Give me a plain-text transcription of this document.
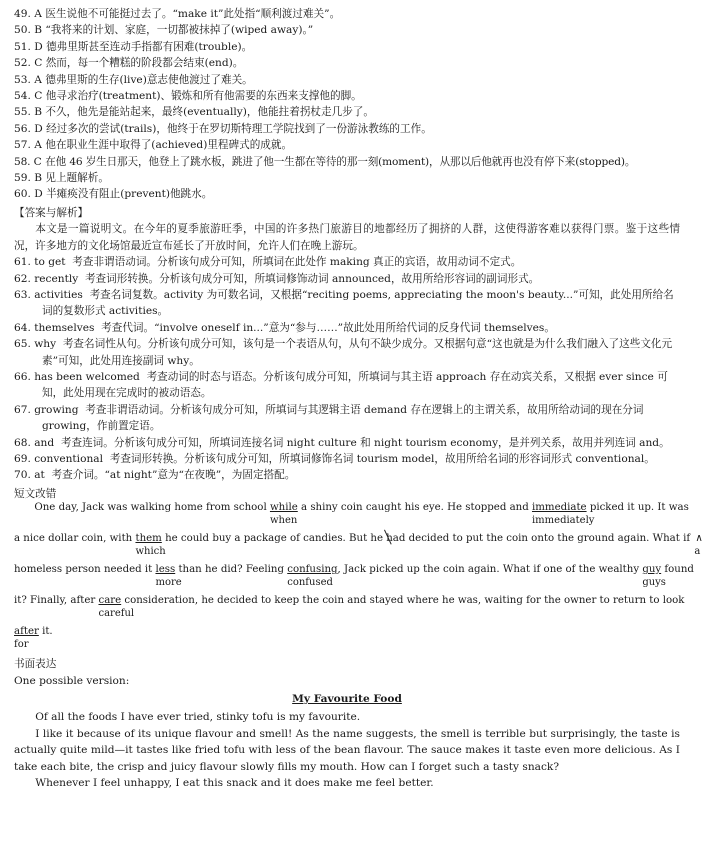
49. A 医生说他不可能挺过去了。“make it”此处指“顺利渡过难关”。
50. B “我将来的计划、家庭，一切都被抹掉了(wiped away)。”
51. D 德弗里斯甚至连动手指都有困难(trouble)。
52. C 然而，每一个糟糕的阶段都会结束(end)。
53. A 德弗里斯的生存(live)意志使他渡过了难关。
54. C 他寻求治疗(treatment)、锻炼和所有他需要的东西来支撑他的脚。
55. B 不久，他先是能站起来，最终(eventually)，他能拄着拐杖走几步了。
56. D 经过多次的尝试(trails)，他终于在罗切斯特理工学院找到了一份游泳教练的工作。
57. A 他在职业生涯中取得了(achieved)里程碑式的成就。
58. C 在他 46 岁生日那天，他登上了跳水板，跳进了他一生都在等待的那一刻(moment)，从那以后他就再也没有停下来(stopped)。
59. B 见上题解析。
60. D 半瘫痪没有阻止(prevent)他跳水。
【答案与解析】
本文是一篇说明文。在今年的夏季旅游旺季，中国的许多热门旅游目的地都经历了拥挤的人群，这使得游客难以获得门票。鉴于这些情况，许多地方的文化场馆最近宣布延长了开放时间，允许人们在晚上游玩。
61. to get 考查非谓语动词。分析该句成分可知，所填词在此处作 making 真正的宾语，故用动词不定式。
62. recently 考查词形转换。分析该句成分可知，所填词修饰动词 announced，故用所给形容词的副词形式。
63. activities 考查名词复数。activity 为可数名词，又根据“reciting poems, appreciating the moon's beauty...”可知，此处用所给名词的复数形式 activities。
64. themselves 考查代词。“involve oneself in...”意为“参与……”故此处用所给代词的反身代词 themselves。
65. why 考查名词性从句。分析该句成分可知，该句是一个表语从句，从句不缺少成分。又根据句意“这也就是为什么我们融入了这些文化元素”可知，此处用连接副词 why。
66. has been welcomed 考查动词的时态与语态。分析该句成分可知，所填词与其主语 approach 存在动宾关系，又根据 ever since 可知，此处用现在完成时的被动语态。
67. growing 考查非谓语动词。分析该句成分可知，所填词与其逻辑主语 demand 存在逻辑上的主谓关系，故用所给动词的现在分词 growing，作前置定语。
68. and 考查连词。分析该句成分可知，所填词连接名词 night culture 和 night tourism economy，是并列关系，故用并列连词 and。
69. conventional 考查词形转换。分析该句成分可知，所填词修饰名词 tourism model，故用所给名词的形容词形式 conventional。
70. at 考查介词。“at night”意为“在夜晚”，为固定搭配。
短文改错
One day, Jack was walking home from school while
when
a shiny coin caught his eye. He stopped and immediate
immediately
picked it up. It was
a nice dollar coin, with them
which
he could buy a package of candies. But he had decided to put the coin onto the ground again. What if ∧
a
homeless person needed it less
more
than he did? Feeling confusing
confused
, Jack picked up the coin again. What if one of the wealthy guy
guys
found
it? Finally, after care
careful
consideration, he decided to keep the coin and stayed where he was, waiting for the owner to return to look
after
for
it.
书面表达
One possible version:
My Favourite Food

Of all the foods I have ever tried, stinky tofu is my favourite.

I like it because of its unique flavour and smell! As the name suggests, the smell is terrible but surprisingly, the taste is actually quite mild—it tastes like fried tofu with less of the bean flavour. The sauce makes it taste even more delicious. As I take each bite, the crisp and juicy flavour slowly fills my mouth. How can I forget such a tasty snack?

Whenever I feel unhappy, I eat this snack and it does make me feel better.
